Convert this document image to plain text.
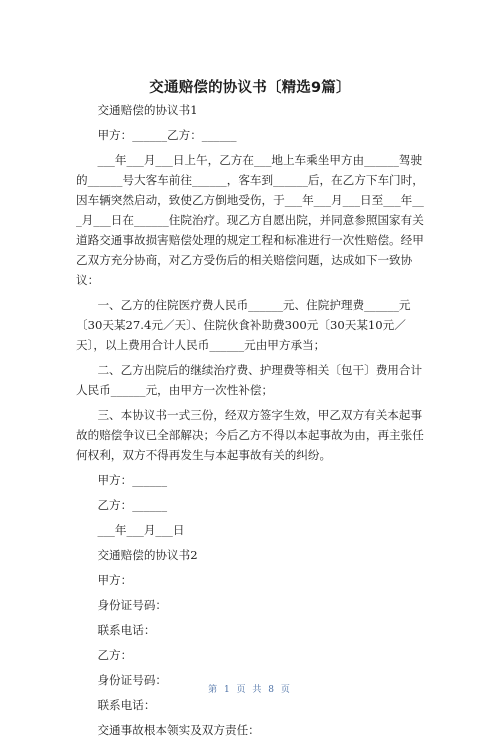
交通赔偿的协议书〔精选9篇〕

交通赔偿的协议书1

甲方：______乙方：______

___年___月___日上午，乙方在___地上车乘坐甲方由______驾驶的______号大客车前往______，客车到______后，在乙方下车门时，因车辆突然启动，致使乙方倒地受伤，于___年___月___日至___年___月___日在______住院治疗。现乙方自愿出院，并同意参照国家有关道路交通事故损害赔偿处理的规定工程和标准进行一次性赔偿。经甲乙双方充分协商，对乙方受伤后的相关赔偿问题，达成如下一致协议：

一、乙方的住院医疗费人民币______元、住院护理费______元〔30天某27.4元／天〕、住院伙食补助费300元〔30天某10元／天〕，以上费用合计人民币______元由甲方承当；

二、乙方出院后的继续治疗费、护理费等相关〔包干〕费用合计人民币______元，由甲方一次性补偿；

三、本协议书一式三份，经双方签字生效，甲乙双方有关本起事故的赔偿争议已全部解决；今后乙方不得以本起事故为由，再主张任何权利，双方不得再发生与本起事故有关的纠纷。

甲方：______

乙方：______

___年___月___日

交通赔偿的协议书2

甲方：

身份证号码：

联系电话：

乙方：

身份证号码：

联系电话：

交通事故根本领实及双方责任：

第 1 页 共 8 页
